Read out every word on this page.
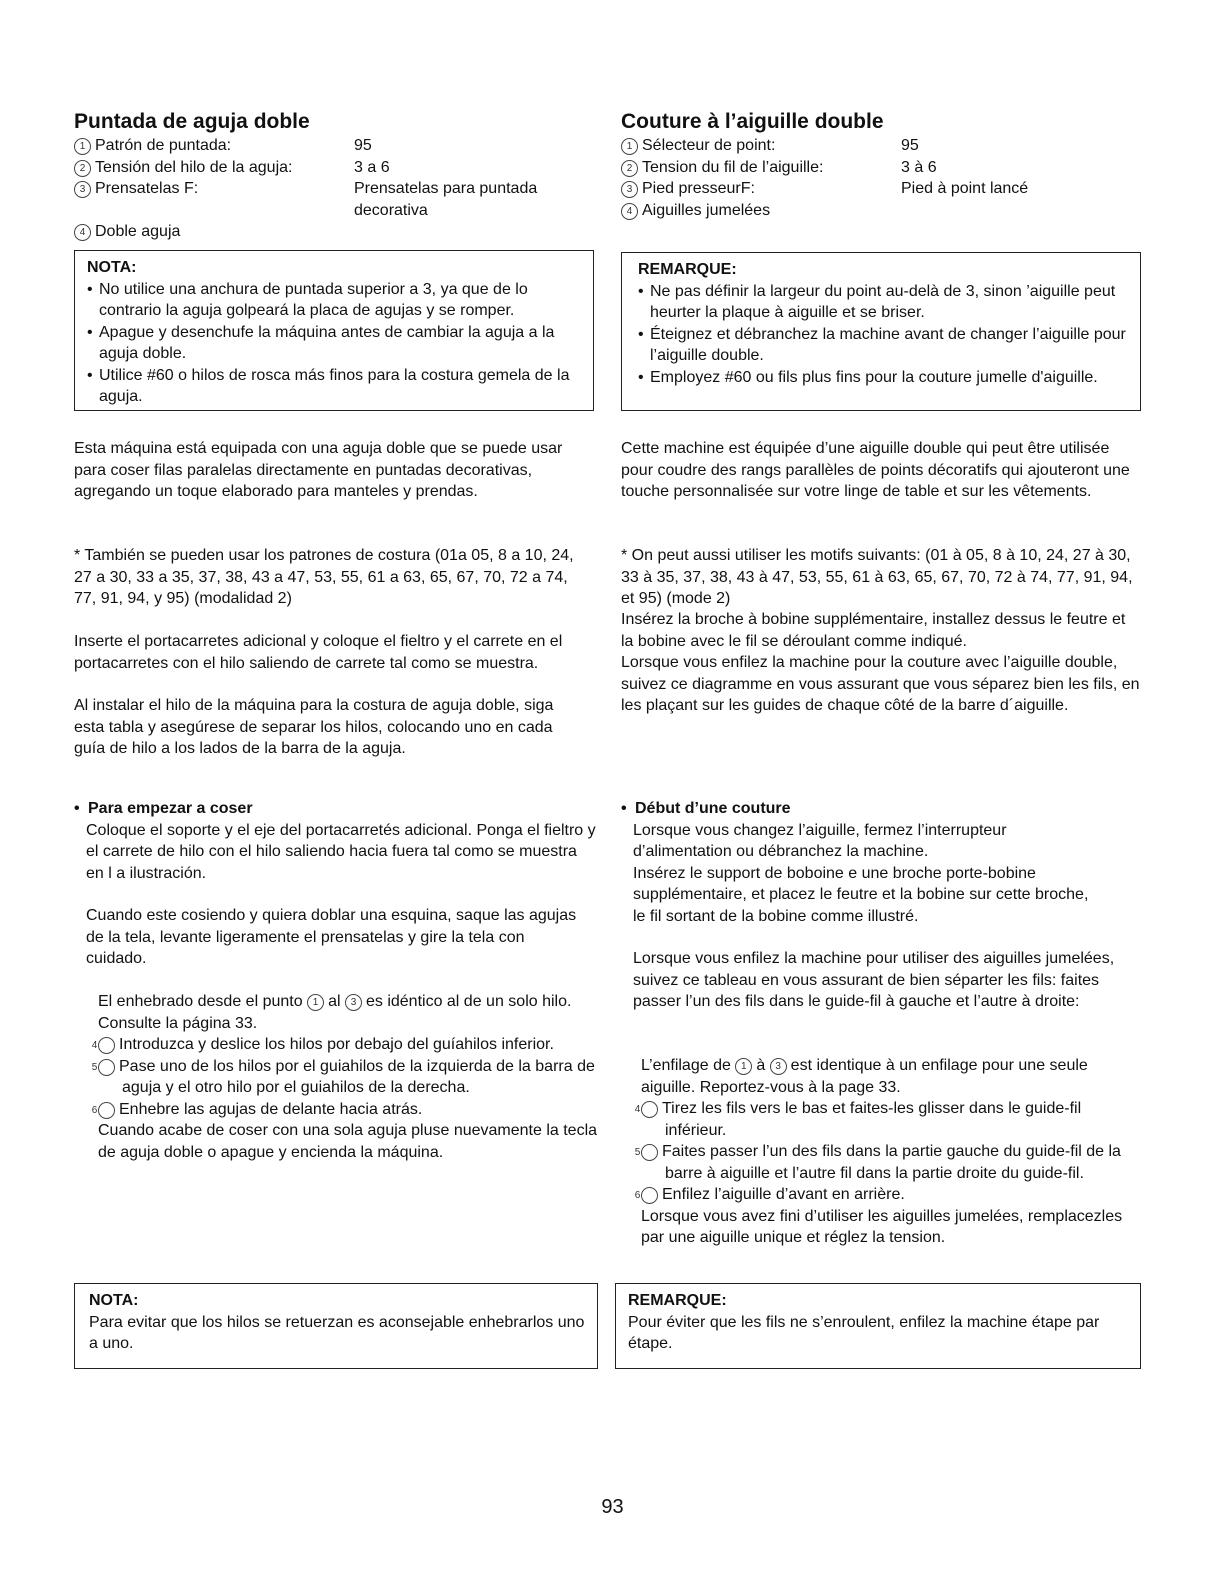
Puntada de aguja doble
1 Patrón de puntada:	95
2 Tensión del hilo de la aguja:	3 a 6
3 Prensatelas F:	Prensatelas para puntada decorativa
4 Doble aguja
NOTA:
• No utilice una anchura de puntada superior a 3, ya que de lo contrario la aguja golpeará la placa de agujas y se romper.
• Apague y desenchufe la máquina antes de cambiar la aguja a la aguja doble.
• Utilice #60 o hilos de rosca más finos para la costura gemela de la aguja.

Esta máquina está equipada con una aguja doble que se puede usar para coser filas paralelas directamente en puntadas decorativas, agregando un toque elaborado para manteles y prendas.

* También se pueden usar los patrones de costura (01a 05, 8 a 10, 24, 27 a 30, 33 a 35, 37, 38, 43 a 47, 53, 55, 61 a 63, 65, 67, 70, 72 a 74, 77, 91, 94, y 95) (modalidad 2)

Inserte el portacarretes adicional y coloque el fieltro y el carrete en el portacarretes con el hilo saliendo de carrete tal como se muestra.

Al instalar el hilo de la máquina para la costura de aguja doble, siga esta tabla y asegúrese de separar los hilos, colocando uno en cada guía de hilo a los lados de la barra de la aguja.

• Para empezar a coser

Coloque el soporte y el eje del portacarretés adicional. Ponga el fieltro y el carrete de hilo con el hilo saliendo hacia fuera tal como se muestra en l a ilustración.

Cuando este cosiendo y quiera doblar una esquina, saque las agujas de la tela, levante ligeramente el prensatelas y gire la tela con cuidado.

El enhebrado desde el punto 1 al 3 es idéntico al de un solo hilo. Consulte la página 33.

4 Introduzca y deslice los hilos por debajo del guíahilos inferior.

5 Pase uno de los hilos por el guiahilos de la izquierda de la barra de aguja y el otro hilo por el guiahilos de la derecha.

6 Enhebre las agujas de delante hacia atrás.

Cuando acabe de coser con una sola aguja pluse nuevamente la tecla de aguja doble o apague y encienda la máquina.

NOTA:

Para evitar que los hilos se retuerzan es aconsejable enhebrarlos uno a uno.

Couture à l’aiguille double
1 Sélecteur de point:	95
2 Tension du fil de l’aiguille:	3 à 6
3 Pied presseurF:	Pied à point lancé
4 Aiguilles jumelées
REMARQUE:
• Ne pas définir la largeur du point au-delà de 3, sinon ’aiguille peut heurter la plaque à aiguille et se briser.
• Éteignez et débranchez la machine avant de changer l’aiguille pour l’aiguille double.
• Employez #60 ou fils plus fins pour la couture jumelle d'aiguille.

Cette machine est équipée d’une aiguille double qui peut être utilisée pour coudre des rangs parallèles de points décoratifs qui ajouteront une touche personnalisée sur votre linge de table et sur les vêtements.

* On peut aussi utiliser les motifs suivants: (01 à 05, 8 à 10, 24, 27 à 30, 33 à 35, 37, 38, 43 à 47, 53, 55, 61 à 63, 65, 67, 70, 72 à 74, 77, 91, 94, et 95) (mode 2)

Insérez la broche à bobine supplémentaire, installez dessus le feutre et la bobine avec le fil se déroulant comme indiqué.

Lorsque vous enfilez la machine pour la couture avec l’aiguille double, suivez ce diagramme en vous assurant que vous séparez bien les fils, en les plaçant sur les guides de chaque côté de la barre d´aiguille.

• Début d’une couture

Lorsque vous changez l’aiguille, fermez l’interrupteur d’alimentation ou débranchez la machine.

Insérez le support de boboine e une broche porte-bobine supplémentaire, et placez le feutre et la bobine sur cette broche, le fil sortant de la bobine comme illustré.

Lorsque vous enfilez la machine pour utiliser des aiguilles jumelées, suivez ce tableau en vous assurant de bien séparter les fils: faites passer l’un des fils dans le guide-fil à gauche et l’autre à droite:

L’enfilage de 1 à 3 est identique à un enfilage pour une seule aiguille. Reportez-vous à la page 33.

4 Tirez les fils vers le bas et faites-les glisser dans le guide-fil inférieur.

5 Faites passer l’un des fils dans la partie gauche du guide-fil de la barre à aiguille et l’autre fil dans la partie droite du guide-fil.

6 Enfilez l’aiguille d’avant en arrière.

Lorsque vous avez fini d’utiliser les aiguilles jumelées, remplacezles par une aiguille unique et réglez la tension.

REMARQUE:

Pour éviter que les fils ne s’enroulent, enfilez la machine étape par étape.

93
